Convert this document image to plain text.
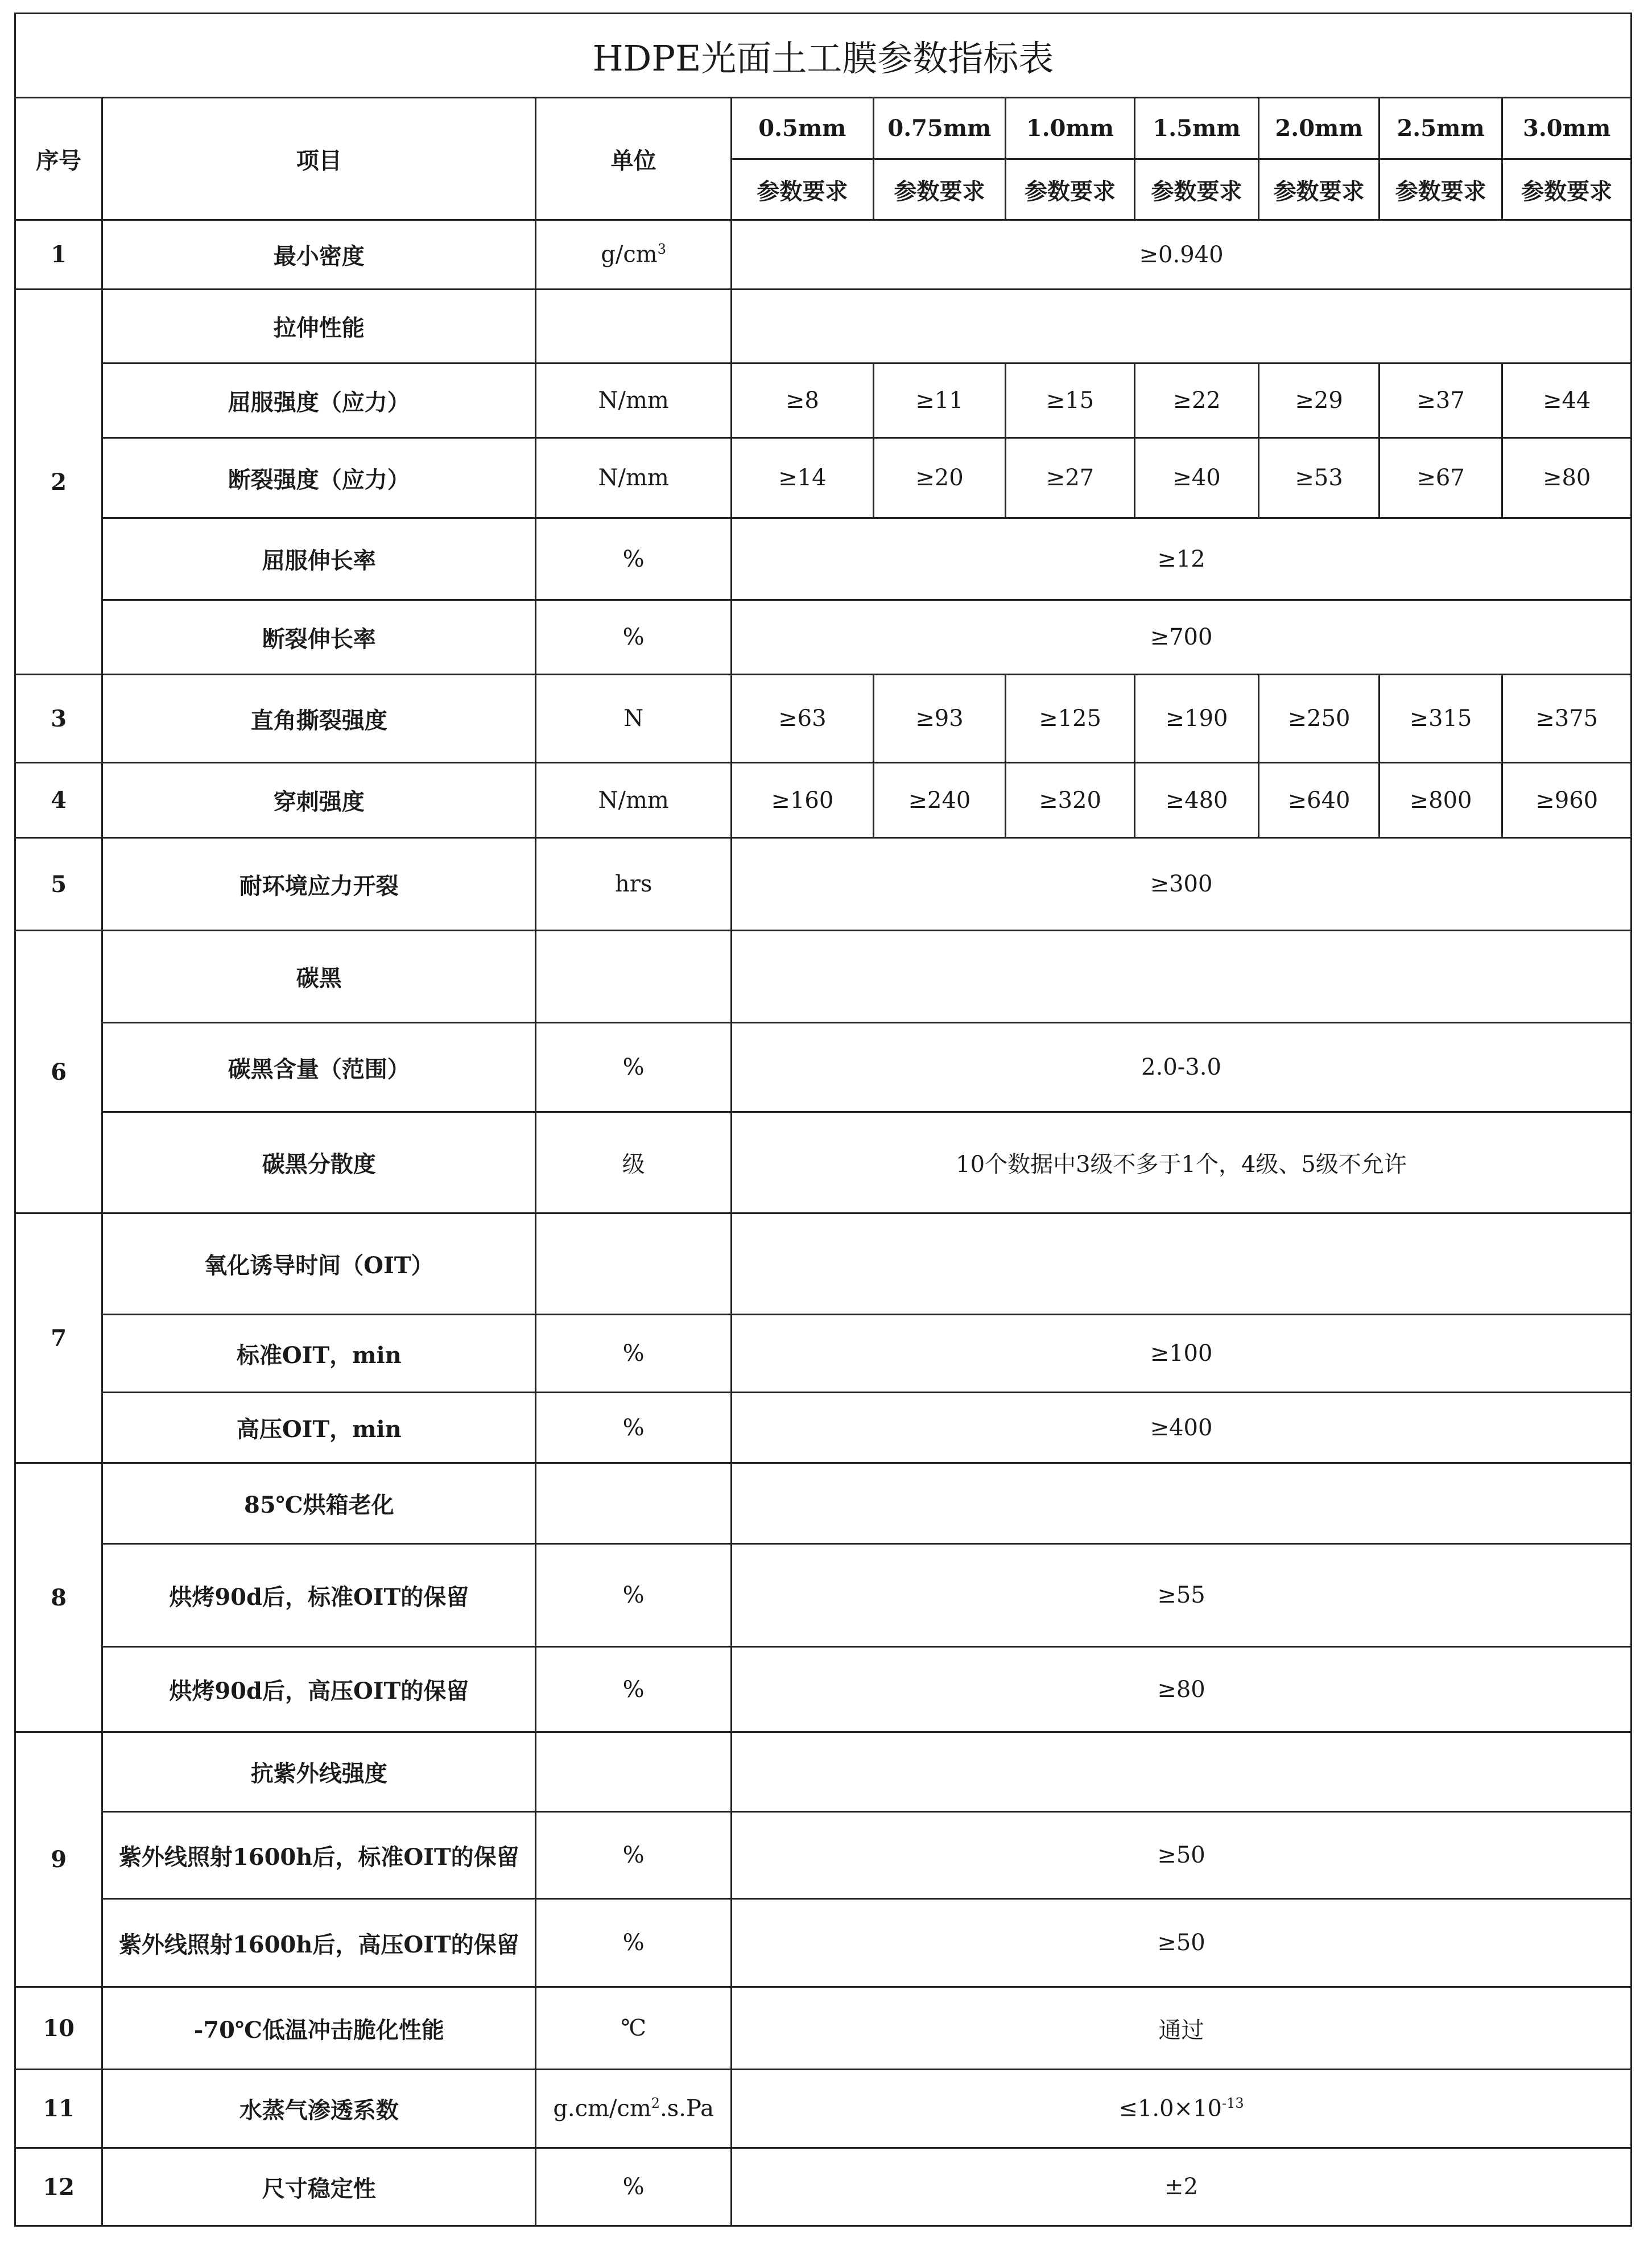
HDPE光面土工膜参数指标表									
序号	项目	单位	0.5mm	0.75mm	1.0mm	1.5mm	2.0mm	2.5mm	3.0mm
			参数要求	参数要求	参数要求	参数要求	参数要求	参数要求	参数要求
1	最小密度	$g/cm^3$	≥0.940						
2	拉伸性能								
	屈服强度（应力）	N/mm	≥8	≥11	≥15	≥22	≥29	≥37	≥44
	断裂强度（应力）	N/mm	≥14	≥20	≥27	≥40	≥53	≥67	≥80
	屈服伸长率	%	≥12						
	断裂伸长率	%	≥700						
3	直角撕裂强度	N	≥63	≥93	≥125	≥190	≥250	≥315	≥375
4	穿刺强度	N/mm	≥160	≥240	≥320	≥480	≥640	≥800	≥960
5	耐环境应力开裂	hrs	≥300						
6	碳黑								
	碳黑含量（范围）	%	2.0-3.0						
	碳黑分散度	级	10个数据中3级不多于1个，4级、5级不允许						
7	氧化诱导时间（OIT）								
	标准OIT，min	%	≥100						
	高压OIT，min	%	≥400						
8	85℃烘箱老化								
	烘烤90d后，标准OIT的保留	%	≥55						
	烘烤90d后，高压OIT的保留	%	≥80						
9	抗紫外线强度								
	紫外线照射1600h后，标准OIT的保留	%	≥50						
	紫外线照射1600h后，高压OIT的保留	%	≥50						
10	-70℃低温冲击脆化性能	℃	通过						
11	水蒸气渗透系数	$g.cm/cm^2.s.Pa$	$\le 1.0\times 10^{-13}$
12	尺寸稳定性	%	±2						
